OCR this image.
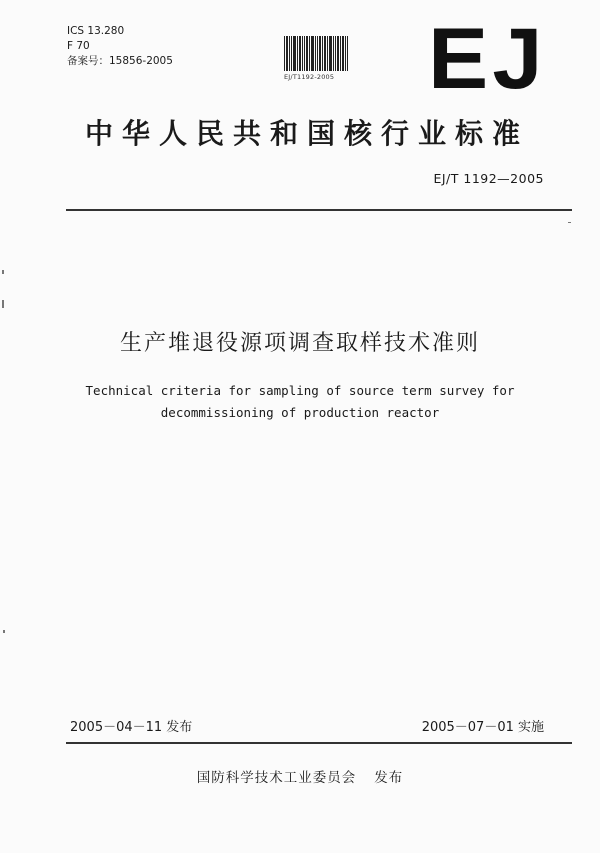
ICS 13.280
F 70
备案号：15856-2005
EJ/T1192-2005 EJ
中华人民共和国核行业标准
EJ/T 1192—2005
生产堆退役源项调查取样技术准则
Technical criteria for sampling of source term survey for
decommissioning of production reactor
2005－04－11 发布	2005－07－01 实施
国防科学技术工业委员会 发布
